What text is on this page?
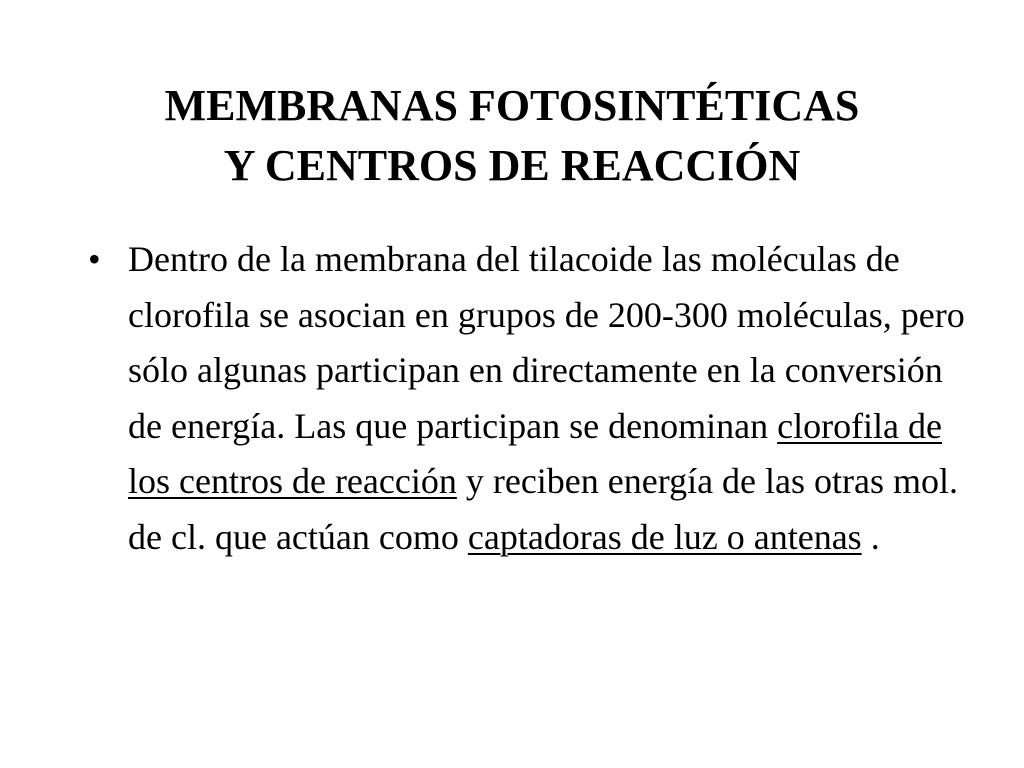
MEMBRANAS FOTOSINTÉTICAS
Y CENTROS DE REACCIÓN
• Dentro de la membrana del tilacoide las moléculas de clorofila se asocian en grupos de 200-300 moléculas, pero sólo algunas participan en directamente en la conversión de energía. Las que participan se denominan clorofila de los centros de reacción y reciben energía de las otras mol. de cl. que actúan como captadoras de luz o antenas .
